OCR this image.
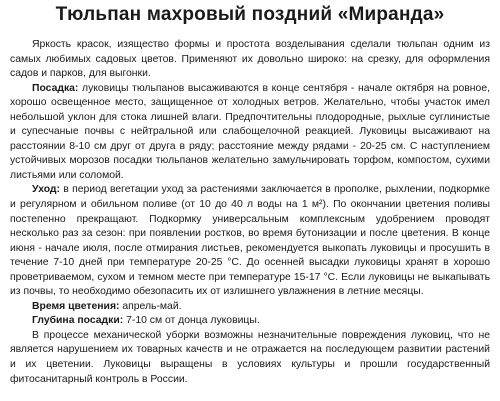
Тюльпан махровый поздний «Миранда»

Яркость красок, изящество формы и простота возделывания сделали тюльпан одним из самых любимых садовых цветов. Применяют их довольно широко: на срезку, для оформления садов и парков, для выгонки.

Посадка: луковицы тюльпанов высаживаются в конце сентября - начале октября на ровное, хорошо освещенное место, защищенное от холодных ветров. Желательно, чтобы участок имел небольшой уклон для стока лишней влаги. Предпочтительны плодородные, рыхлые суглинистые и супесчаные почвы с нейтральной или слабощелочной реакцией. Луковицы высаживают на расстоянии 8-10 см друг от друга в ряду; расстояние между рядами - 20-25 см. С наступлением устойчивых морозов посадки тюльпанов желательно замульчировать торфом, компостом, сухими листьями или соломой.

Уход: в период вегетации уход за растениями заключается в прополке, рыхлении, подкормке и регулярном и обильном поливе (от 10 до 40 л воды на 1 м²). По окончании цветения поливы постепенно прекращают. Подкормку универсальным комплексным удобрением проводят несколько раз за сезон: при появлении ростков, во время бутонизации и после цветения. В конце июня - начале июля, после отмирания листьев, рекомендуется выкопать луковицы и просушить в течение 7-10 дней при температуре 20-25 °С. До осенней высадки луковицы хранят в хорошо проветриваемом, сухом и темном месте при температуре 15-17 °С. Если луковицы не выкапывать из почвы, то необходимо обезопасить их от излишнего увлажнения в летние месяцы.

Время цветения: апрель-май.

Глубина посадки: 7-10 см от донца луковицы.

В процессе механической уборки возможны незначительные повреждения луковиц, что не является нарушением их товарных качеств и не отражается на последующем развитии растений и их цветении. Луковицы выращены в условиях культуры и прошли государственный фитосанитарный контроль в России.
